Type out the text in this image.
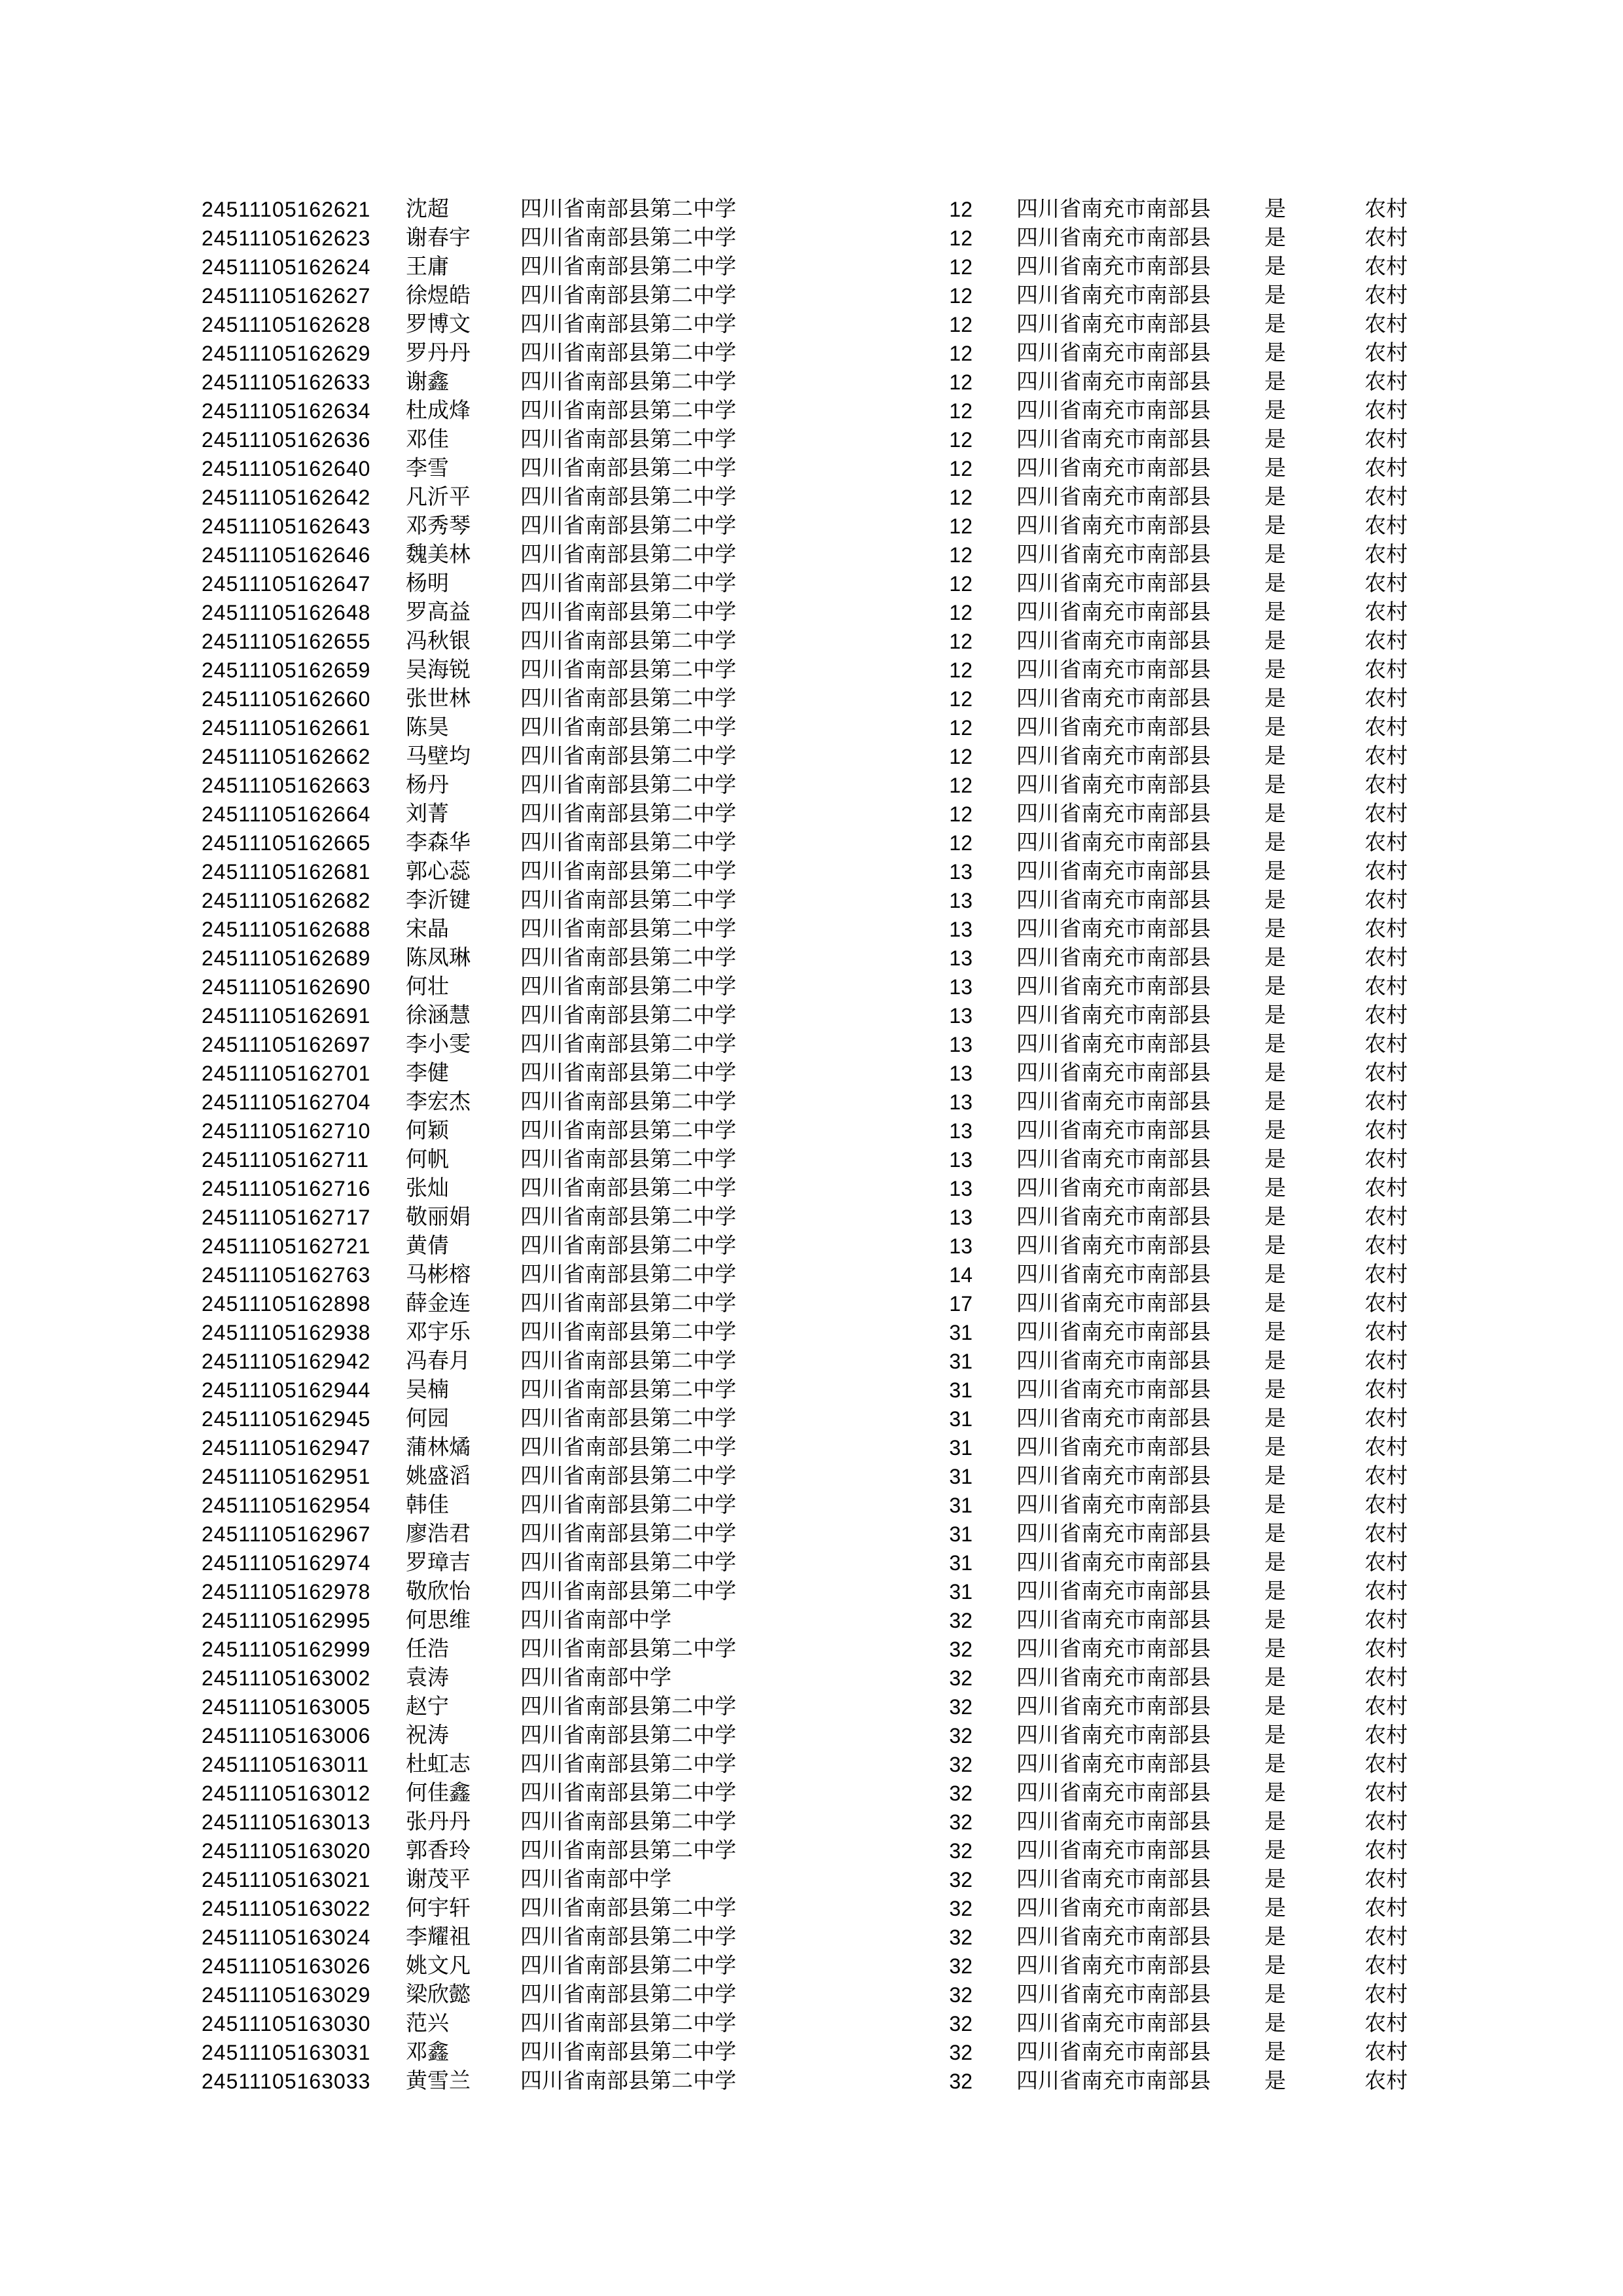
24511105162621 沈超	四川省南部县第二中学	12 四川省南充市南部县 是	农村
24511105162623 谢春宇 四川省南部县第二中学	12 四川省南充市南部县 是	农村
24511105162624 王庸	四川省南部县第二中学	12 四川省南充市南部县 是	农村
24511105162627 徐煜皓 四川省南部县第二中学	12 四川省南充市南部县 是	农村
24511105162628 罗博文 四川省南部县第二中学	12 四川省南充市南部县 是	农村
24511105162629 罗丹丹 四川省南部县第二中学	12 四川省南充市南部县 是	农村
24511105162633 谢鑫	四川省南部县第二中学	12 四川省南充市南部县 是	农村
24511105162634 杜成烽 四川省南部县第二中学	12 四川省南充市南部县 是	农村
24511105162636 邓佳	四川省南部县第二中学	12 四川省南充市南部县 是	农村
24511105162640 李雪	四川省南部县第二中学	12 四川省南充市南部县 是	农村
24511105162642 凡沂平 四川省南部县第二中学	12 四川省南充市南部县 是	农村
24511105162643 邓秀琴 四川省南部县第二中学	12 四川省南充市南部县 是	农村
24511105162646 魏美林 四川省南部县第二中学	12 四川省南充市南部县 是	农村
24511105162647 杨明	四川省南部县第二中学	12 四川省南充市南部县 是	农村
24511105162648 罗高益 四川省南部县第二中学	12 四川省南充市南部县 是	农村
24511105162655 冯秋银 四川省南部县第二中学	12 四川省南充市南部县 是	农村
24511105162659 吴海锐 四川省南部县第二中学	12 四川省南充市南部县 是	农村
24511105162660 张世林 四川省南部县第二中学	12 四川省南充市南部县 是	农村
24511105162661 陈昊	四川省南部县第二中学	12 四川省南充市南部县 是	农村
24511105162662 马壁均 四川省南部县第二中学	12 四川省南充市南部县 是	农村
24511105162663 杨丹	四川省南部县第二中学	12 四川省南充市南部县 是	农村
24511105162664 刘菁	四川省南部县第二中学	12 四川省南充市南部县 是	农村
24511105162665 李森华 四川省南部县第二中学	12 四川省南充市南部县 是	农村
24511105162681 郭心蕊 四川省南部县第二中学	13 四川省南充市南部县 是	农村
24511105162682 李沂键 四川省南部县第二中学	13 四川省南充市南部县 是	农村
24511105162688 宋晶	四川省南部县第二中学	13 四川省南充市南部县 是	农村
24511105162689 陈凤琳 四川省南部县第二中学	13 四川省南充市南部县 是	农村
24511105162690 何壮	四川省南部县第二中学	13 四川省南充市南部县 是	农村
24511105162691 徐涵慧 四川省南部县第二中学	13 四川省南充市南部县 是	农村
24511105162697 李小雯 四川省南部县第二中学	13 四川省南充市南部县 是	农村
24511105162701 李健	四川省南部县第二中学	13 四川省南充市南部县 是	农村
24511105162704 李宏杰 四川省南部县第二中学	13 四川省南充市南部县 是	农村
24511105162710 何颖	四川省南部县第二中学	13 四川省南充市南部县 是	农村
24511105162711 何帆	四川省南部县第二中学	13 四川省南充市南部县 是	农村
24511105162716 张灿	四川省南部县第二中学	13 四川省南充市南部县 是	农村
24511105162717 敬丽娟 四川省南部县第二中学	13 四川省南充市南部县 是	农村
24511105162721 黄倩	四川省南部县第二中学	13 四川省南充市南部县 是	农村
24511105162763 马彬榕 四川省南部县第二中学	14 四川省南充市南部县 是	农村
24511105162898 薛金连 四川省南部县第二中学	17 四川省南充市南部县 是	农村
24511105162938 邓宇乐 四川省南部县第二中学	31 四川省南充市南部县 是	农村
24511105162942 冯春月 四川省南部县第二中学	31 四川省南充市南部县 是	农村
24511105162944 吴楠	四川省南部县第二中学	31 四川省南充市南部县 是	农村
24511105162945 何园	四川省南部县第二中学	31 四川省南充市南部县 是	农村
24511105162947 蒲林燏 四川省南部县第二中学	31 四川省南充市南部县 是	农村
24511105162951 姚盛滔 四川省南部县第二中学	31 四川省南充市南部县 是	农村
24511105162954 韩佳	四川省南部县第二中学	31 四川省南充市南部县 是	农村
24511105162967 廖浩君 四川省南部县第二中学	31 四川省南充市南部县 是	农村
24511105162974 罗璋吉 四川省南部县第二中学	31 四川省南充市南部县 是	农村
24511105162978 敬欣怡 四川省南部县第二中学	31 四川省南充市南部县 是	农村
24511105162995 何思维 四川省南部中学	32 四川省南充市南部县 是	农村
24511105162999 任浩	四川省南部县第二中学	32 四川省南充市南部县 是	农村
24511105163002 袁涛	四川省南部中学	32 四川省南充市南部县 是	农村
24511105163005 赵宁	四川省南部县第二中学	32 四川省南充市南部县 是	农村
24511105163006 祝涛	四川省南部县第二中学	32 四川省南充市南部县 是	农村
24511105163011 杜虹志 四川省南部县第二中学	32 四川省南充市南部县 是	农村
24511105163012 何佳鑫 四川省南部县第二中学	32 四川省南充市南部县 是	农村
24511105163013 张丹丹 四川省南部县第二中学	32 四川省南充市南部县 是	农村
24511105163020 郭香玲 四川省南部县第二中学	32 四川省南充市南部县 是	农村
24511105163021 谢茂平 四川省南部中学	32 四川省南充市南部县 是	农村
24511105163022 何宇轩 四川省南部县第二中学	32 四川省南充市南部县 是	农村
24511105163024 李耀祖 四川省南部县第二中学	32 四川省南充市南部县 是	农村
24511105163026 姚文凡 四川省南部县第二中学	32 四川省南充市南部县 是	农村
24511105163029 梁欣懿 四川省南部县第二中学	32 四川省南充市南部县 是	农村
24511105163030 范兴	四川省南部县第二中学	32 四川省南充市南部县 是	农村
24511105163031 邓鑫	四川省南部县第二中学	32 四川省南充市南部县 是	农村
24511105163033 黄雪兰 四川省南部县第二中学	32 四川省南充市南部县 是	农村
